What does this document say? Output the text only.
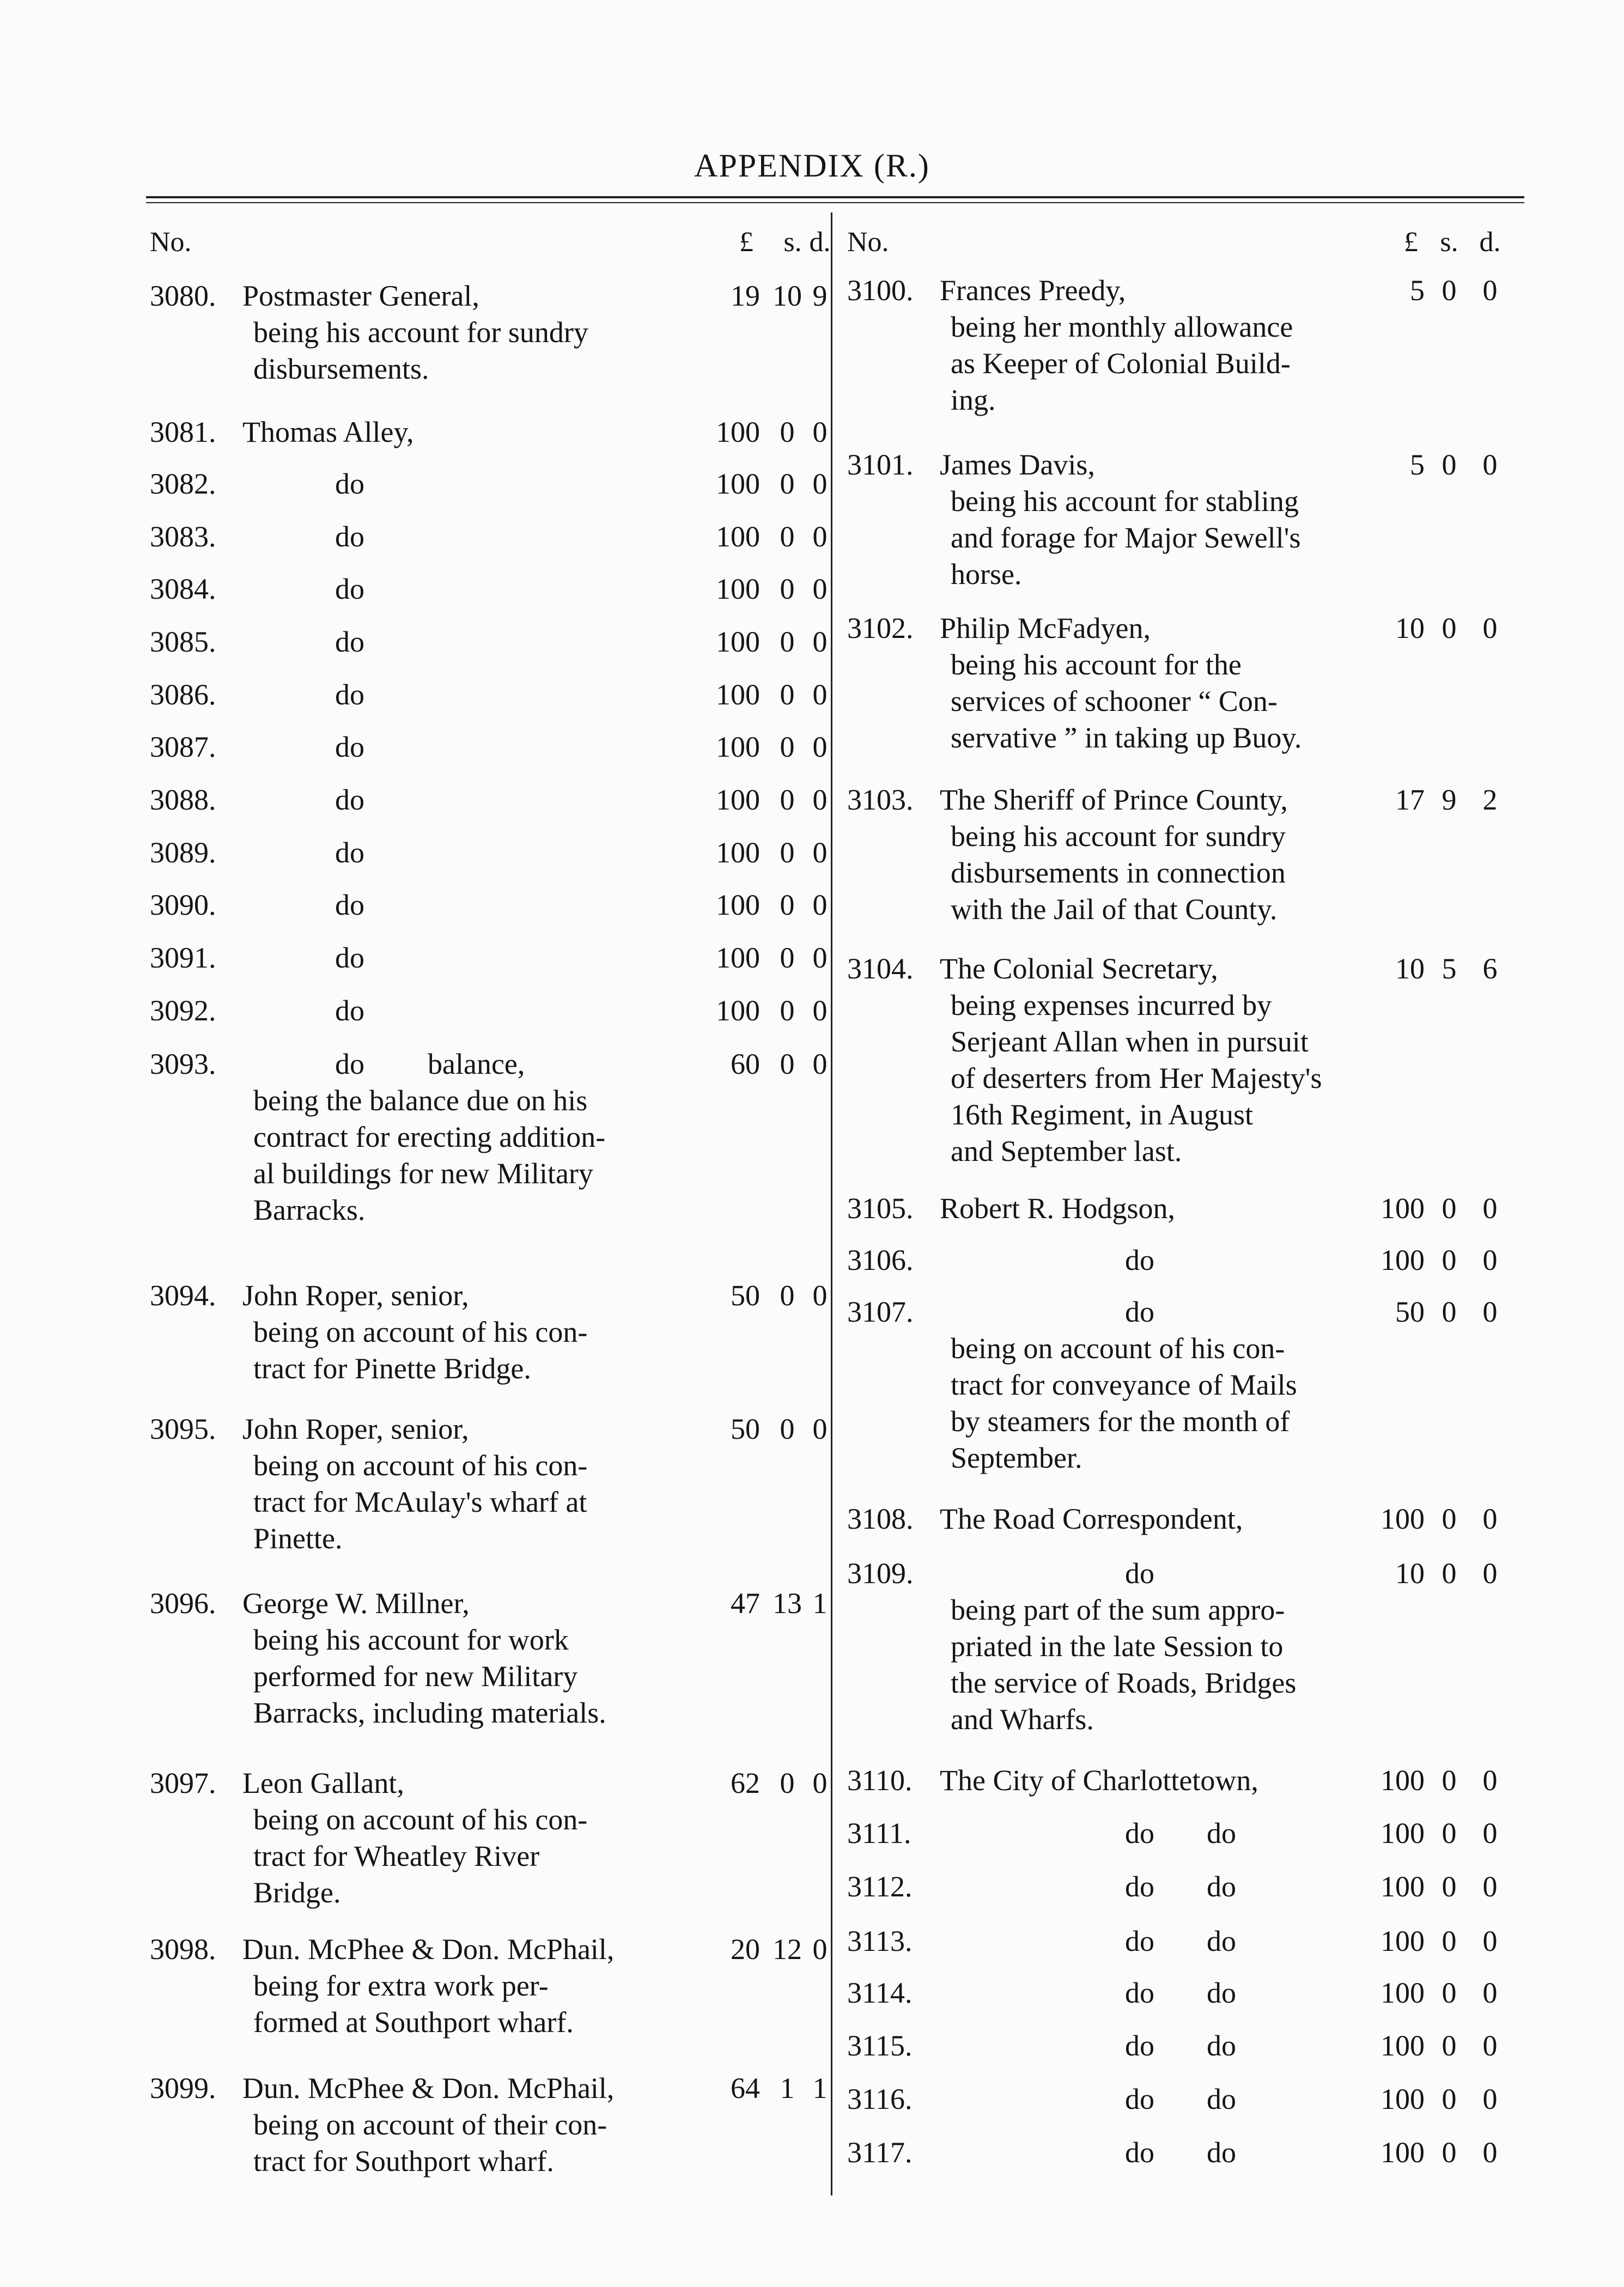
APPENDIX (R.)
No.	£	s. d.
3080. Postmaster General,	19 10 9
being his account for sundry
disbursements.
3081. Thomas Alley,	100 0 0
3082.	do	100 0 0
3083.	do	100 0 0
3084.	do	100 0 0
3085.	do	100 0 0
3086.	do	100 0 0
3087.	do	100 0 0
3088.	do	100 0 0
3089.	do	100 0 0
3090.	do	100 0 0
3091.	do	100 0 0
3092.	do	100 0 0
3093.	do balance,	60 0 0
being the balance due on his
contract for erecting addition-
al buildings for new Military
Barracks.
3094. John Roper, senior,	50 0 0
being on account of his con-
tract for Pinette Bridge.
3095. John Roper, senior,	50 0 0
being on account of his con-
tract for McAulay's wharf at
Pinette.
3096. George W. Millner,	47 13 1
being his account for work
performed for new Military
Barracks, including materials.
3097. Leon Gallant,	62 0 0
being on account of his con-
tract for Wheatley River
Bridge.
3098. Dun. McPhee & Don. McPhail,	20 12 0
being for extra work per-
formed at Southport wharf.
3099. Dun. McPhee & Don. McPhail,	64 1 1
being on account of their con-
tract for Southport wharf.
No.	£ s. d.
3100. Frances Preedy,	5 0 0
being her monthly allowance
as Keeper of Colonial Build-
ing.
3101. James Davis,	5 0 0
being his account for stabling
and forage for Major Sewell's
horse.
3102. Philip McFadyen,	10 0 0
being his account for the
services of schooner “ Con-
servative ” in taking up Buoy.
3103. The Sheriff of Prince County,	17 9 2
being his account for sundry
disbursements in connection
with the Jail of that County.
3104. The Colonial Secretary,	10 5 6
being expenses incurred by
Serjeant Allan when in pursuit
of deserters from Her Majesty's
16th Regiment, in August
and September last.
3105. Robert R. Hodgson,	100 0 0
3106.	do	100 0 0
3107.	do	50 0 0
being on account of his con-
tract for conveyance of Mails
by steamers for the month of
September.
3108. The Road Correspondent,	100 0 0
3109.	do	10 0 0
being part of the sum appro-
priated in the late Session to
the service of Roads, Bridges
and Wharfs.
3110. The City of Charlottetown,	100 0 0
3111.	do do	100 0 0
3112.	do do	100 0 0
3113.	do do	100 0 0
3114.	do do	100 0 0
3115.	do do	100 0 0
3116.	do do	100 0 0
3117.	do do	100 0 0
